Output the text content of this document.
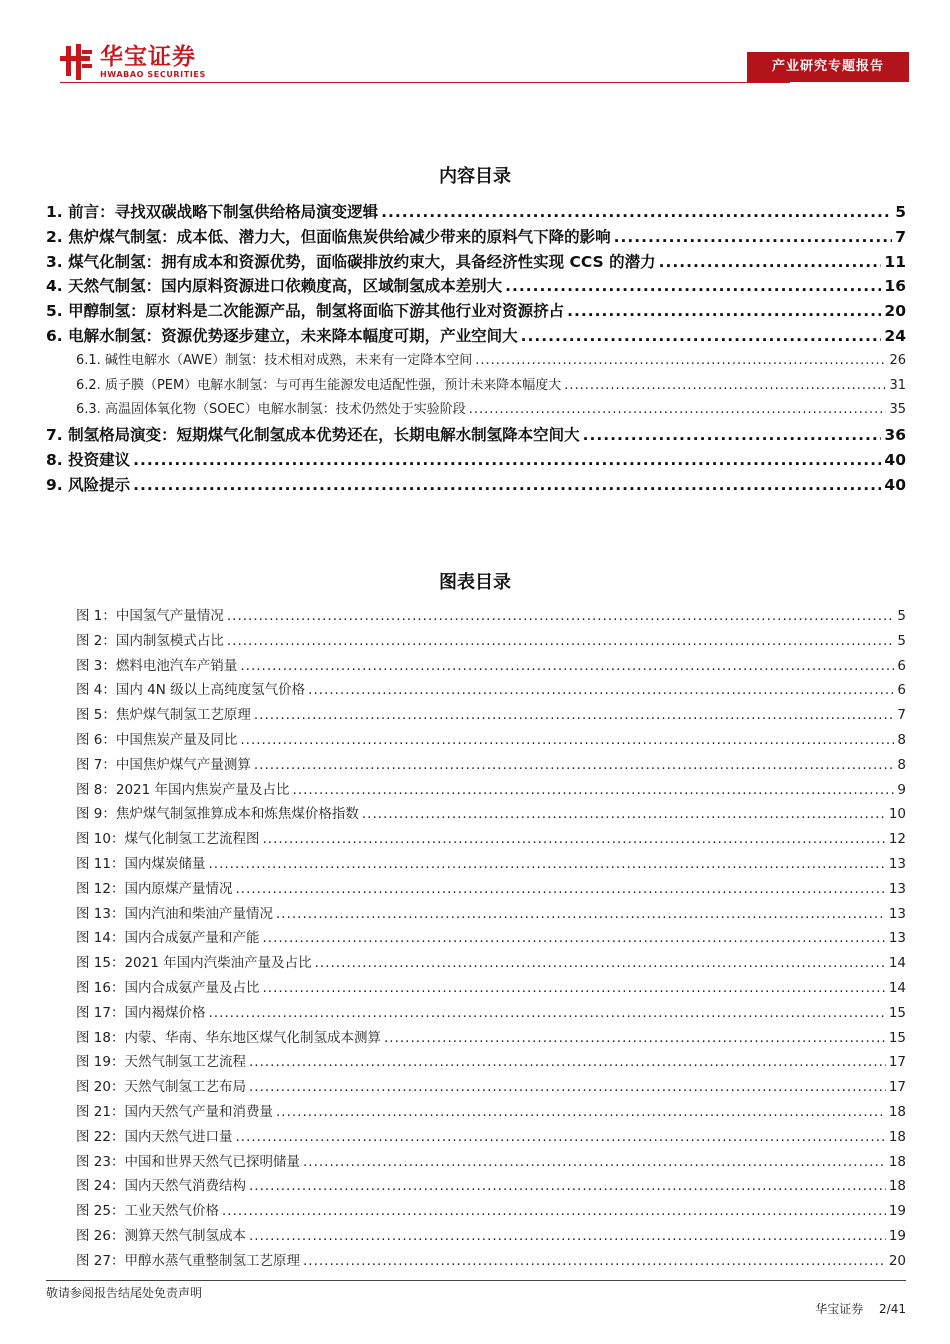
华宝证券
HWABAO SECURITIES
产业研究专题报告
内容目录
1. 前言：寻找双碳战略下制氢供给格局演变逻辑 .....	5
2. 焦炉煤气制氢：成本低、潜力大，但面临焦炭供给减少带来的原料气下降的影响 .....	7
3. 煤气化制氢：拥有成本和资源优势，面临碳排放约束大，具备经济性实现 CCS 的潜力 .....	11
4. 天然气制氢：国内原料资源进口依赖度高，区域制氢成本差别大 .....	16
5. 甲醇制氢：原材料是二次能源产品，制氢将面临下游其他行业对资源挤占 .....	20
6. 电解水制氢：资源优势逐步建立，未来降本幅度可期，产业空间大 .....	24
6.1. 碱性电解水（AWE）制氢：技术相对成熟，未来有一定降本空间 .....	26
6.2. 质子膜（PEM）电解水制氢：与可再生能源发电适配性强，预计未来降本幅度大 .....	31
6.3. 高温固体氧化物（SOEC）电解水制氢：技术仍然处于实验阶段 .....	35
7. 制氢格局演变：短期煤气化制氢成本优势还在，长期电解水制氢降本空间大 .....	36
8. 投资建议 .....	40
9. 风险提示 .....	40
图表目录
图 1：中国氢气产量情况 .....	5
图 2：国内制氢模式占比 .....	5
图 3：燃料电池汽车产销量 .....	6
图 4：国内 4N 级以上高纯度氢气价格 .....	6
图 5：焦炉煤气制氢工艺原理 .....	7
图 6：中国焦炭产量及同比 .....	8
图 7：中国焦炉煤气产量测算 .....	8
图 8：2021 年国内焦炭产量及占比 .....	9
图 9：焦炉煤气制氢推算成本和炼焦煤价格指数 .....	10
图 10：煤气化制氢工艺流程图 .....	12
图 11：国内煤炭储量 .....	13
图 12：国内原煤产量情况 .....	13
图 13：国内汽油和柴油产量情况 .....	13
图 14：国内合成氨产量和产能 .....	13
图 15：2021 年国内汽柴油产量及占比 .....	14
图 16：国内合成氨产量及占比 .....	14
图 17：国内褐煤价格 .....	15
图 18：内蒙、华南、华东地区煤气化制氢成本测算 .....	15
图 19：天然气制氢工艺流程 .....	17
图 20：天然气制氢工艺布局 .....	17
图 21：国内天然气产量和消费量 .....	18
图 22：国内天然气进口量 .....	18
图 23：中国和世界天然气已探明储量 .....	18
图 24：国内天然气消费结构 .....	18
图 25：工业天然气价格 .....	19
图 26：测算天然气制氢成本 .....	19
图 27：甲醇水蒸气重整制氢工艺原理 .....	20
敬请参阅报告结尾处免责声明
华宝证券 2/41
